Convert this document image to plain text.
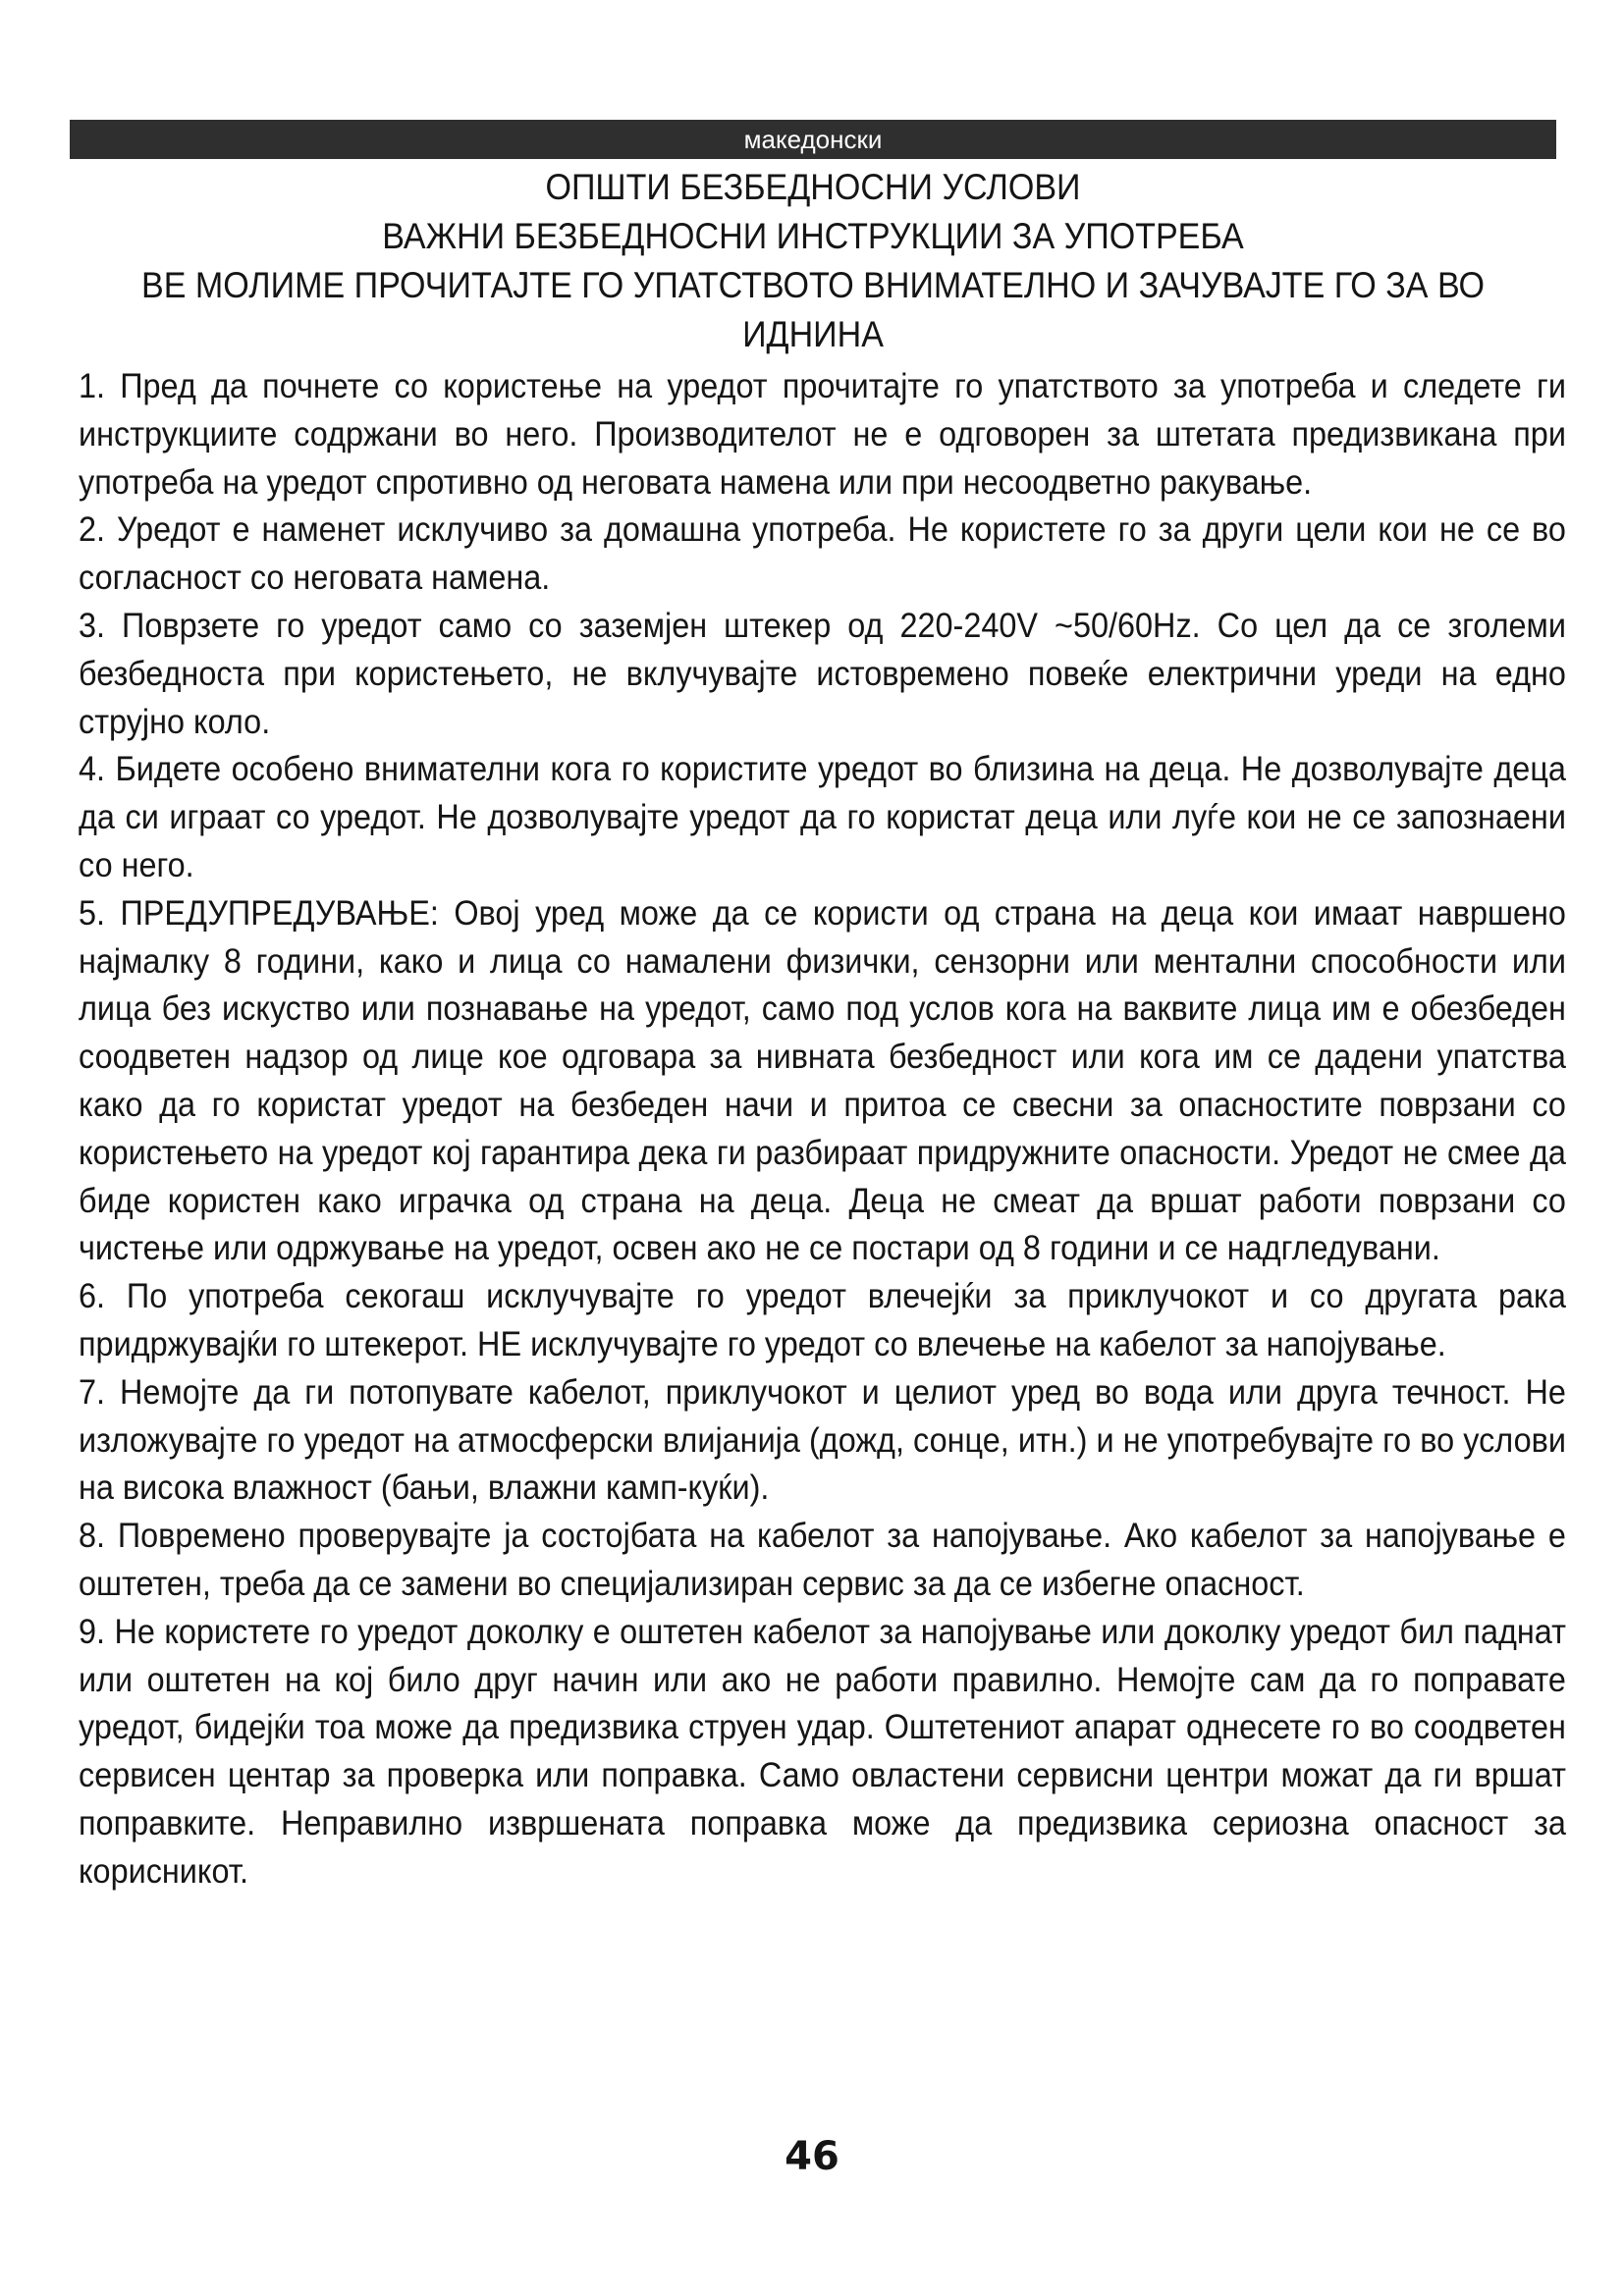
македонски
ОПШТИ БЕЗБЕДНОСНИ УСЛОВИ
ВАЖНИ БЕЗБЕДНОСНИ ИНСТРУКЦИИ ЗА УПОТРЕБА
ВЕ МОЛИМЕ ПРОЧИТАЈТЕ ГО УПАТСТВОТО ВНИМАТЕЛНО И ЗАЧУВАЈТЕ ГО ЗА ВО
ИДНИНА

1. Пред да почнете со користење на уредот прочитајте го упатството за употреба и следете ги инструкциите содржани во него. Производителот не е одговорен за штетата предизвикана при употреба на уредот спротивно од неговата намена или при несоодветно ракување.

2. Уредот е наменет исклучиво за домашна употреба. Не користете го за други цели кои не се во согласност со неговата намена.

3. Поврзете го уредот само со заземјен штекер од 220-240V ~50/60Hz. Со цел да се зголеми безбедноста при користењето, не вклучувајте истовремено повеќе електрични уреди на едно струјно коло.

4. Бидете особено внимателни кога го користите уредот во близина на деца. Не дозволувајте деца да си играат со уредот. Не дозволувајте уредот да го користат деца или луѓе кои не се запознаени со него.

5. ПРЕДУПРЕДУВАЊЕ: Овој уред може да се користи од страна на деца кои имаат навршено најмалку 8 години, како и лица со намалени физички, сензорни или ментални способности или лица без искуство или познавање на уредот, само под услов кога на ваквите лица им е обезбеден соодветен надзор од лице кое одговара за нивната безбедност или кога им се дадени упатства како да го користат уредот на безбеден начи и притоа се свесни за опасностите поврзани со користењето на уредот кој гарантира дека ги разбираат придружните опасности. Уредот не смее да биде користен како играчка од страна на деца. Деца не смеат да вршат работи поврзани со чистење или одржување на уредот, освен ако не се постари од 8 години и се надгледувани.

6. По употреба секогаш исклучувајте го уредот влечејќи за приклучокот и со другата рака придржувајќи го штекерот. НЕ исклучувајте го уредот со влечење на кабелот за напојување.

7. Немојте да ги потопувате кабелот, приклучокот и целиот уред во вода или друга течност. Не изложувајте го уредот на атмосферски влијанија (дожд, сонце, итн.) и не употребувајте го во услови на висока влажност (бањи, влажни камп-куќи).

8. Повремено проверувајте ја состојбата на кабелот за напојување. Ако кабелот за напојување е оштетен, треба да се замени во специјализиран сервис за да се избегне опасност.

9. Не користете го уредот доколку е оштетен кабелот за напојување или доколку уредот бил паднат или оштетен на кој било друг начин или ако не работи правилно. Немојте сам да го поправате уредот, бидејќи тоа може да предизвика струен удар. Оштетениот апарат однесете го во соодветен сервисен центар за проверка или поправка. Само овластени сервисни центри можат да ги вршат поправките. Неправилно извршената поправка може да предизвика сериозна опасност за корисникот.

46
